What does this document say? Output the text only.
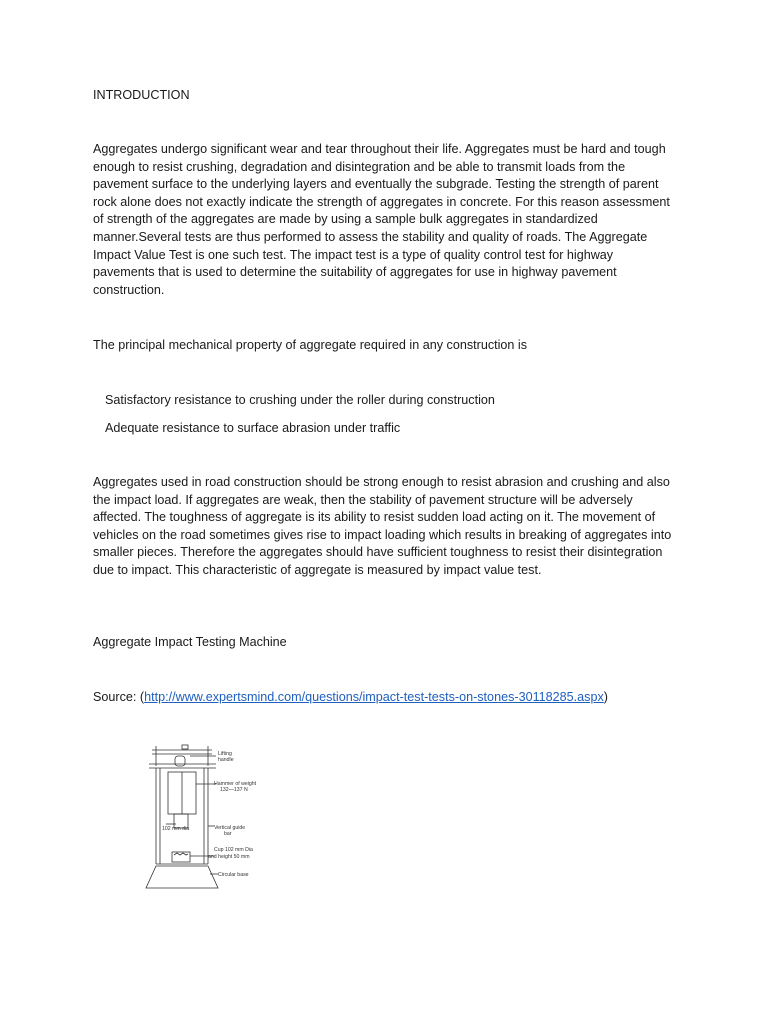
INTRODUCTION

Aggregates undergo significant wear and tear throughout their life. Aggregates must be hard and tough enough to resist crushing, degradation and disintegration and be able to transmit loads from the pavement surface to the underlying layers and eventually the subgrade. Testing the strength of parent rock alone does not exactly indicate the strength of aggregates in concrete. For this reason assessment of strength of the aggregates are made by using a sample bulk aggregates in standardized manner.Several tests are thus performed to assess the stability and quality of roads. The Aggregate Impact Value Test is one such test. The impact test is a type of quality control test for highway pavements that is used to determine the suitability of aggregates for use in highway pavement construction.

The principal mechanical property of aggregate required in any construction is

Satisfactory resistance to crushing under the roller during construction

Adequate resistance to surface abrasion under traffic

Aggregates used in road construction should be strong enough to resist abrasion and crushing and also the impact load. If aggregates are weak, then the stability of pavement structure will be adversely affected. The toughness of aggregate is its ability to resist sudden load acting on it. The movement of vehicles on the road sometimes gives rise to impact loading which results in breaking of aggregates into smaller pieces. Therefore the aggregates should have sufficient toughness to resist their disintegration due to impact. This characteristic of aggregate is measured by impact value test.

Aggregate Impact Testing Machine

Source: (http://www.expertsmind.com/questions/impact-test-tests-on-stones-30118285.aspx)

Lifting
handle
Hammer of weight
132—137 N
102 mm dia	Vertical guide
bar
Cup 102 mm Dia
and height 50 mm
Circular base
